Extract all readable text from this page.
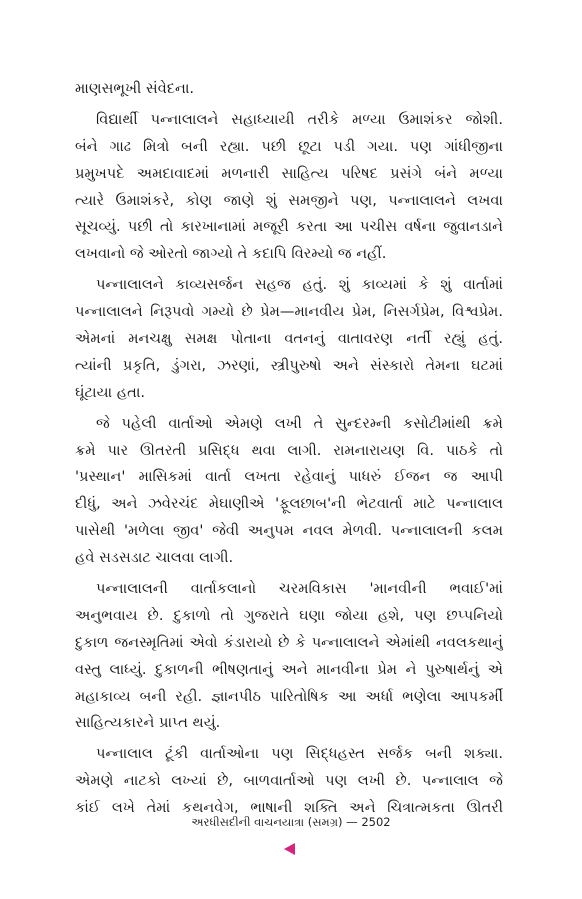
માણસભૂખી સંવેદના.
વિદ્યાર્થી પન્નાલાલને સહાધ્યાયી તરીકે મળ્યા ઉમાશંકર જોશી.
બંને ગાઢ મિત્રો બની રહ્યા. પછી છૂટા પડી ગયા. પણ ગાંધીજીના
પ્રમુખપદે અમદાવાદમાં મળનારી સાહિત્ય પરિષદ પ્રસંગે બંને મળ્યા
ત્યારે ઉમાશંકરે, કોણ જાણે શું સમજીને પણ, પન્નાલાલને લખવા
સૂચવ્યું. પછી તો કારખાનામાં મજૂરી કરતા આ પચીસ વર્ષના જુવાનડાને
લખવાનો જે ઓરતો જાગ્યો તે કદાપિ વિરમ્યો જ નહીં.
પન્નાલાલને કાવ્યસર્જન સહજ હતું. શું કાવ્યમાં કે શું વાર્તામાં
પન્નાલાલને નિરૂપવો ગમ્યો છે પ્રેમ—માનવીય પ્રેમ, નિસર્ગપ્રેમ, વિશ્વપ્રેમ.
એમનાં મનચક્ષુ સમક્ષ પોતાના વતનનું વાતાવરણ નર્તી રહ્યું હતું.
ત્યાંની પ્રકૃતિ, ડુંગરા, ઝરણાં, સ્ત્રીપુરુષો અને સંસ્કારો તેમના ઘટમાં
ઘૂંટાયા હતા.
જે પહેલી વાર્તાઓ એમણે લખી તે સુન્દરમ્ની કસોટીમાંથી ક્રમે
ક્રમે પાર ઊતરતી પ્રસિદ્ધ થવા લાગી. રામનારાયણ વિ. પાઠકે તો
'પ્રસ્થાન' માસિકમાં વાર્તા લખતા રહેવાનું પાધરું ઈજન જ આપી
દીધું, અને ઝવેરચંદ મેઘાણીએ 'ફૂલછાબ'ની ભેટવાર્તા માટે પન્નાલાલ
પાસેથી 'મળેલા જીવ' જેવી અનુપમ નવલ મેળવી. પન્નાલાલની કલમ
હવે સડસડાટ ચાલવા લાગી.
પન્નાલાલની વાર્તાકલાનો ચરમવિકાસ 'માનવીની ભવાઈ'માં
અનુભવાય છે. દુકાળો તો ગુજરાતે ઘણા જોયા હશે, પણ છપ્પનિયો
દુકાળ જનસ્મૃતિમાં એવો કંડારાયો છે કે પન્નાલાલને એમાંથી નવલકથાનું
વસ્તુ લાધ્યું. દુકાળની ભીષણતાનું અને માનવીના પ્રેમ ને પુરુષાર્થનું એ
મહાકાવ્ય બની રહી. જ્ઞાનપીઠ પારિતોષિક આ અર્ધા ભણેલા આપકર્મી
સાહિત્યકારને પ્રાપ્ત થયું.
પન્નાલાલ ટૂંકી વાર્તાઓના પણ સિદ્ધહસ્ત સર્જક બની શક્યા.
એમણે નાટકો લખ્યાં છે, બાળવાર્તાઓ પણ લખી છે. પન્નાલાલ જે
કાંઈ લખે તેમાં કથનવેગ, ભાષાની શક્તિ અને ચિત્રાત્મકતા ઊતરી
અરધીસદીની વાચનયાત્રા (સમગ્ર) — 2502
